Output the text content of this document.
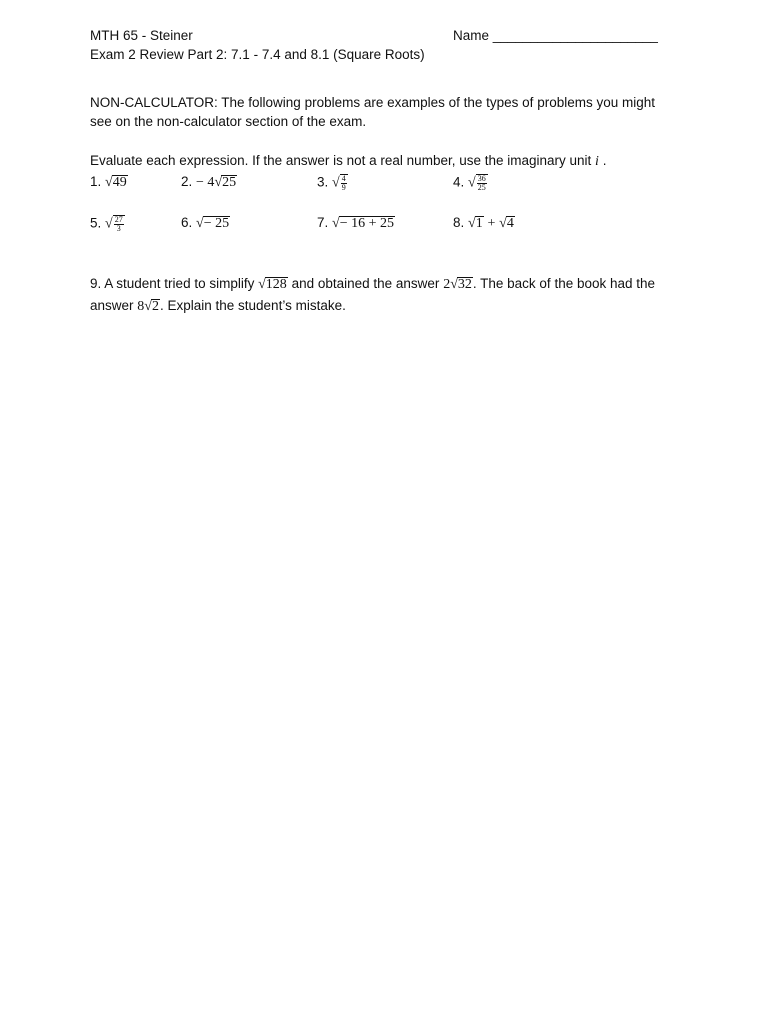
MTH 65 - Steiner	Name ______________________
Exam 2 Review Part 2: 7.1 - 7.4 and 8.1 (Square Roots)
NON-CALCULATOR: The following problems are examples of the types of problems you might
see on the non-calculator section of the exam.
Evaluate each expression. If the answer is not a real number, use the imaginary unit i .
1. √49	2. − 4√25	3. √ $\frac{4}{9}$	4. √ $\frac{36}{25}$
5. √ $\frac{27}{3}$	6. √− 25	7. √− 16 + 25	8. √1 + √4
9. A student tried to simplify √128 and obtained the answer 2√32. The back of the book had the
answer 8√2. Explain the student’s mistake.
